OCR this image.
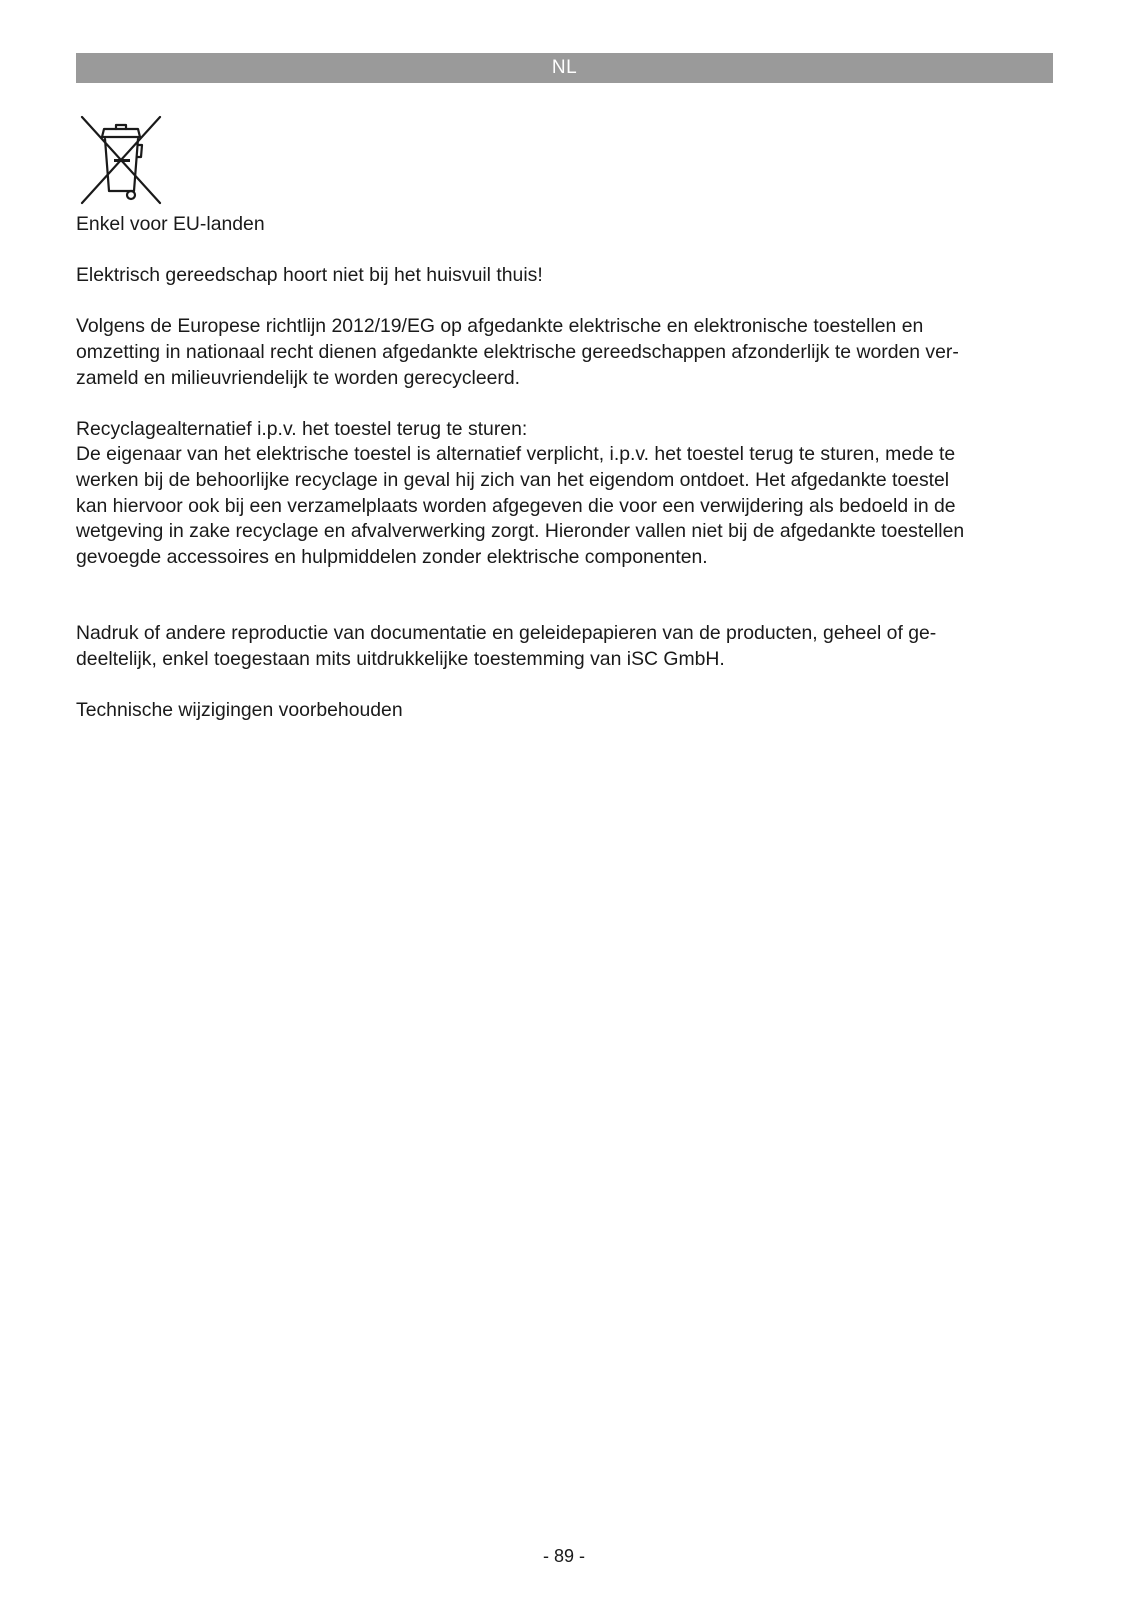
NL

Enkel voor EU-landen

Elektrisch gereedschap hoort niet bij het huisvuil thuis!

Volgens de Europese richtlijn 2012/19/EG op afgedankte elektrische en elektronische toestellen en
omzetting in nationaal recht dienen afgedankte elektrische gereedschappen afzonderlijk te worden ver-
zameld en milieuvriendelijk te worden gerecycleerd.

Recyclagealternatief i.p.v. het toestel terug te sturen:

De eigenaar van het elektrische toestel is alternatief verplicht, i.p.v. het toestel terug te sturen, mede te
werken bij de behoorlijke recyclage in geval hij zich van het eigendom ontdoet. Het afgedankte toestel
kan hiervoor ook bij een verzamelplaats worden afgegeven die voor een verwijdering als bedoeld in de
wetgeving in zake recyclage en afvalverwerking zorgt. Hieronder vallen niet bij de afgedankte toestellen
gevoegde accessoires en hulpmiddelen zonder elektrische componenten.

Nadruk of andere reproductie van documentatie en geleidepapieren van de producten, geheel of ge-
deeltelijk, enkel toegestaan mits uitdrukkelijke toestemming van iSC GmbH.

Technische wijzigingen voorbehouden

- 89 -
